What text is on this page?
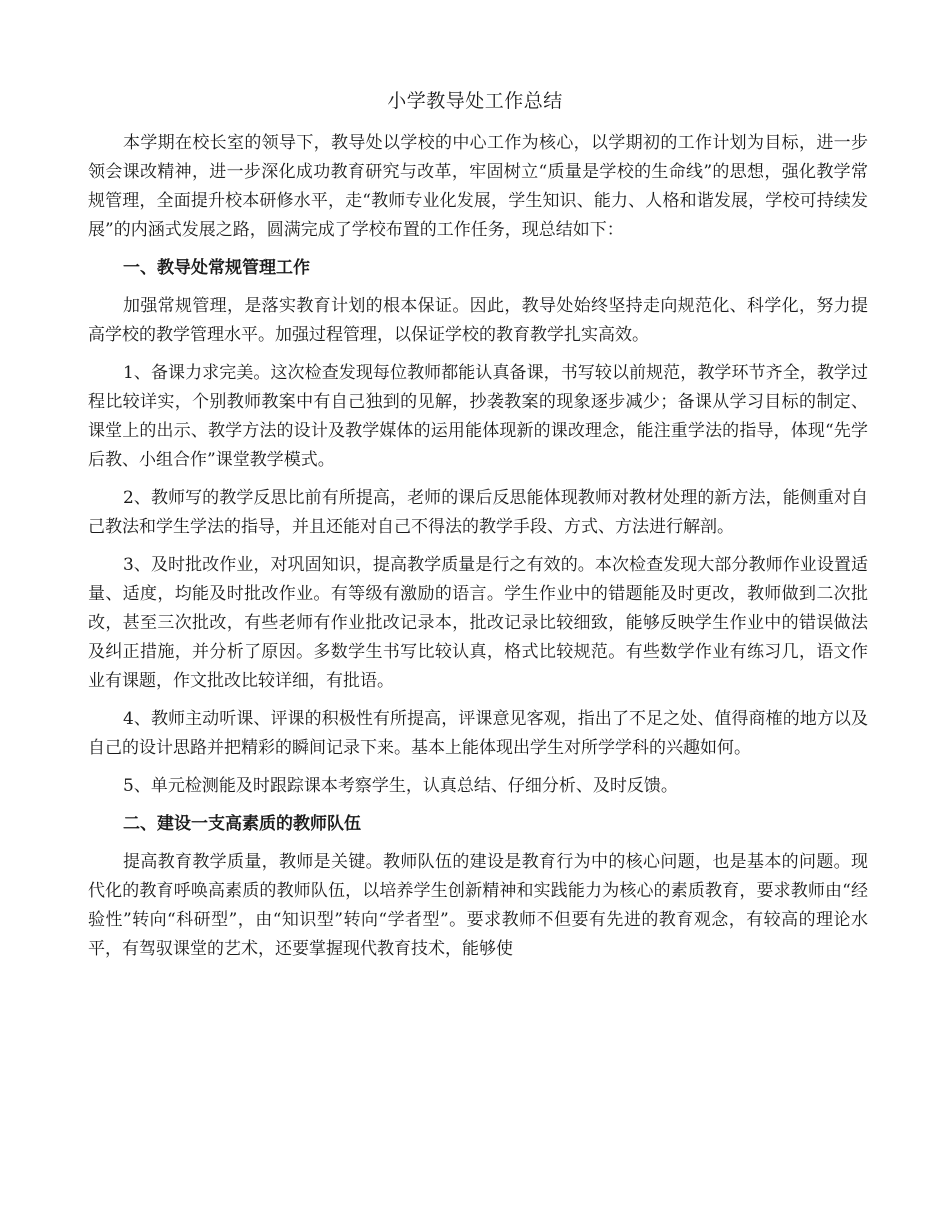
小学教导处工作总结

本学期在校长室的领导下，教导处以学校的中心工作为核心，以学期初的工作计划为目标，进一步领会课改精神，进一步深化成功教育研究与改革，牢固树立“质量是学校的生命线”的思想，强化教学常规管理，全面提升校本研修水平，走“教师专业化发展，学生知识、能力、人格和谐发展，学校可持续发展”的内涵式发展之路，圆满完成了学校布置的工作任务，现总结如下：

一、教导处常规管理工作

加强常规管理，是落实教育计划的根本保证。因此，教导处始终坚持走向规范化、科学化，努力提高学校的教学管理水平。加强过程管理，以保证学校的教育教学扎实高效。

1、备课力求完美。这次检查发现每位教师都能认真备课，书写较以前规范，教学环节齐全，教学过程比较详实，个别教师教案中有自己独到的见解，抄袭教案的现象逐步减少；备课从学习目标的制定、课堂上的出示、教学方法的设计及教学媒体的运用能体现新的课改理念，能注重学法的指导，体现“先学后教、小组合作”课堂教学模式。

2、教师写的教学反思比前有所提高，老师的课后反思能体现教师对教材处理的新方法，能侧重对自己教法和学生学法的指导，并且还能对自己不得法的教学手段、方式、方法进行解剖。

3、及时批改作业，对巩固知识，提高教学质量是行之有效的。本次检查发现大部分教师作业设置适量、适度，均能及时批改作业。有等级有激励的语言。学生作业中的错题能及时更改，教师做到二次批改，甚至三次批改，有些老师有作业批改记录本，批改记录比较细致，能够反映学生作业中的错误做法及纠正措施，并分析了原因。多数学生书写比较认真，格式比较规范。有些数学作业有练习几，语文作业有课题，作文批改比较详细，有批语。

4、教师主动听课、评课的积极性有所提高，评课意见客观，指出了不足之处、值得商榷的地方以及自己的设计思路并把精彩的瞬间记录下来。基本上能体现出学生对所学学科的兴趣如何。

5、单元检测能及时跟踪课本考察学生，认真总结、仔细分析、及时反馈。

二、建设一支高素质的教师队伍

提高教育教学质量，教师是关键。教师队伍的建设是教育行为中的核心问题，也是基本的问题。现代化的教育呼唤高素质的教师队伍，以培养学生创新精神和实践能力为核心的素质教育，要求教师由“经验性”转向“科研型”，由“知识型”转向“学者型”。要求教师不但要有先进的教育观念，有较高的理论水平，有驾驭课堂的艺术，还要掌握现代教育技术，能够使
